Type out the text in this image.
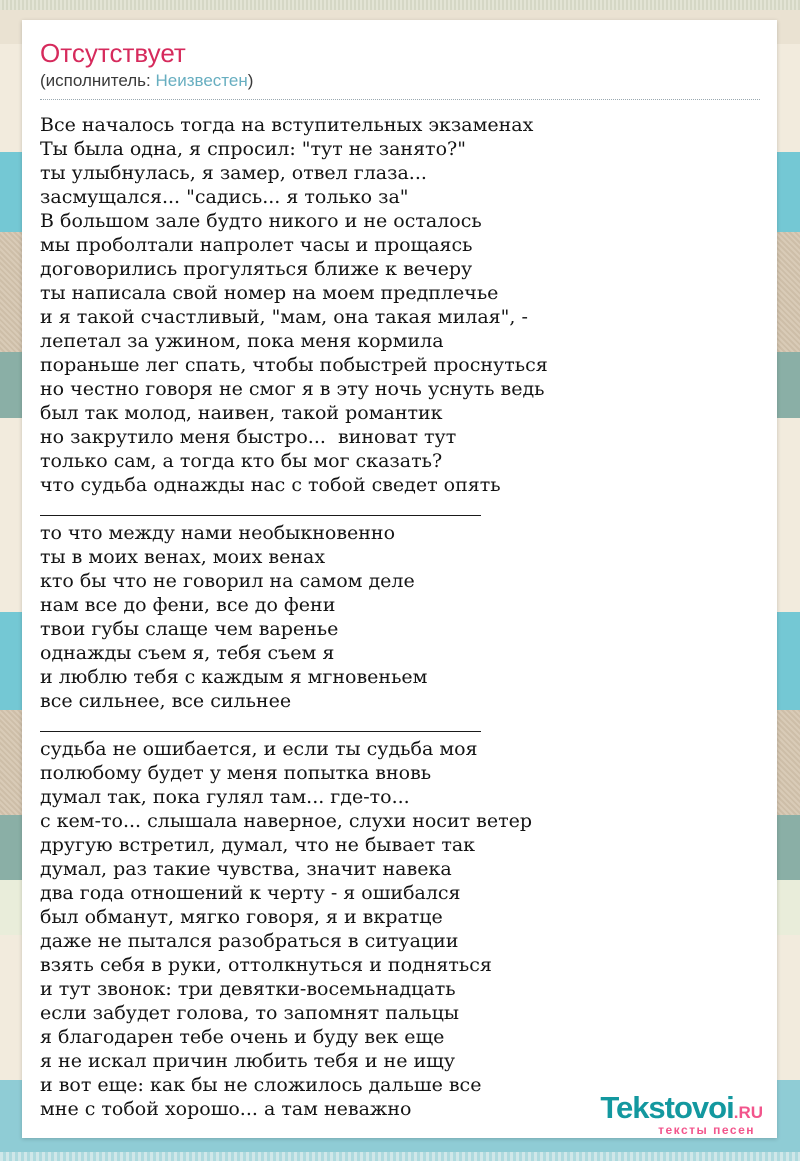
Отсутствует
(исполнитель: Неизвестен)
Все началось тогда на вступительных экзаменах
Ты была одна, я спросил: "тут не занято?"
ты улыбнулась, я замер, отвел глаза...
засмущался... "садись... я только за"
В большом зале будто никого и не осталось
мы проболтали напролет часы и прощаясь
договорились прогуляться ближе к вечеру
ты написала свой номер на моем предплечье
и я такой счастливый, "мам, она такая милая", -
лепетал за ужином, пока меня кормила
пораньше лег спать, чтобы побыстрей проснуться
но честно говоря не смог я в эту ночь уснуть ведь
был так молод, наивен, такой романтик
но закрутило меня быстро...  виноват тут
только сам, а тогда кто бы мог сказать?
что судьба однажды нас с тобой сведет опять
то что между нами необыкновенно
ты в моих венах, моих венах
кто бы что не говорил на самом деле
нам все до фени, все до фени
твои губы слаще чем варенье
однажды съем я, тебя съем я
и люблю тебя с каждым я мгновеньем
все сильнее, все сильнее
судьба не ошибается, и если ты судьба моя
полюбому будет у меня попытка вновь
думал так, пока гулял там... где-то...
с кем-то... слышала наверное, слухи носит ветер
другую встретил, думал, что не бывает так
думал, раз такие чувства, значит навека
два года отношений к черту - я ошибался
был обманут, мягко говоря, я и вкратце
даже не пытался разобраться в ситуации
взять себя в руки, оттолкнуться и подняться
и тут звонок: три девятки-восемьнадцать
если забудет голова, то запомнят пальцы
я благодарен тебе очень и буду век еще
я не искал причин любить тебя и не ищу
и вот еще: как бы не сложилось дальше все
мне с тобой хорошо... а там неважно	Tekstovoi.RU
тексты песен
